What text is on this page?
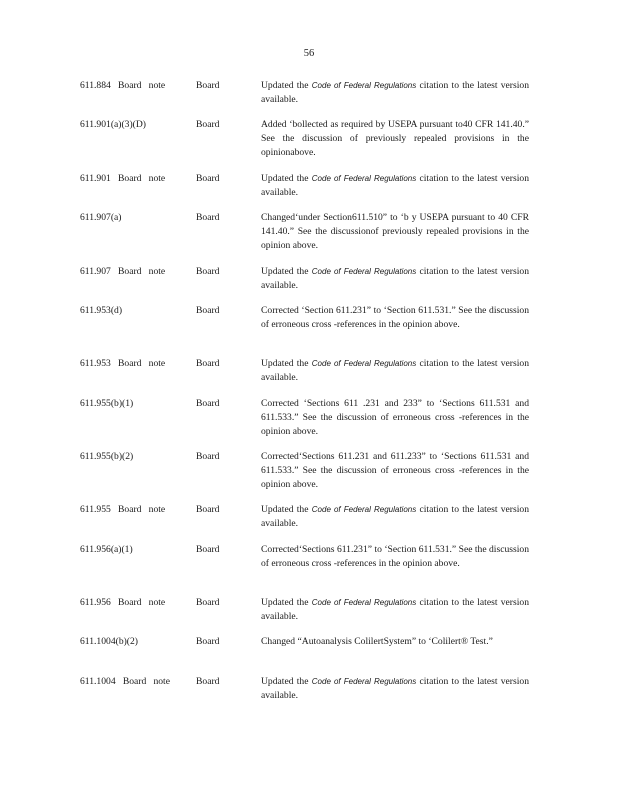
56
611.884   Board   note	Board	Updated the Code of Federal Regulations citation to the latest version available.
611.901(a)(3)(D)	Board	Added ‘bollected as required by USEPA pursuant to40 CFR 141.40.” See the discussion of previously repealed provisions in the opinionabove.
611.901   Board   note	Board	Updated the Code of Federal Regulations citation to the latest version available.
611.907(a)	Board	Changed‘under Section611.510” to ‘b y USEPA pursuant to 40 CFR 141.40.” See the discussionof previously repealed provisions in the opinion above.
611.907   Board   note	Board	Updated the Code of Federal Regulations citation to the latest version available.
611.953(d)	Board	Corrected ‘Section 611.231” to ‘Section 611.531.” See the discussion of erroneous cross -references in the opinion above.
611.953   Board   note	Board	Updated the Code of Federal Regulations citation to the latest version available.
611.955(b)(1)	Board	Corrected ‘Sections 611 .231 and 233” to ‘Sections 611.531 and 611.533.” See the discussion of erroneous cross -references in the opinion above.
611.955(b)(2)	Board	Corrected‘Sections 611.231 and 611.233” to ‘Sections 611.531 and 611.533.” See the discussion of erroneous cross -references in the opinion above.
611.955   Board   note	Board	Updated the Code of Federal Regulations citation to the latest version available.
611.956(a)(1)	Board	Corrected‘Sections 611.231” to ‘Section 611.531.” See the discussion of erroneous cross -references in the opinion above.
611.956   Board   note	Board	Updated the Code of Federal Regulations citation to the latest version available.
611.1004(b)(2)	Board	Changed “Autoanalysis ColilertSystem” to ‘Colilert® Test.”
611.1004   Board   note	Board	Updated the Code of Federal Regulations citation to the latest version available.
